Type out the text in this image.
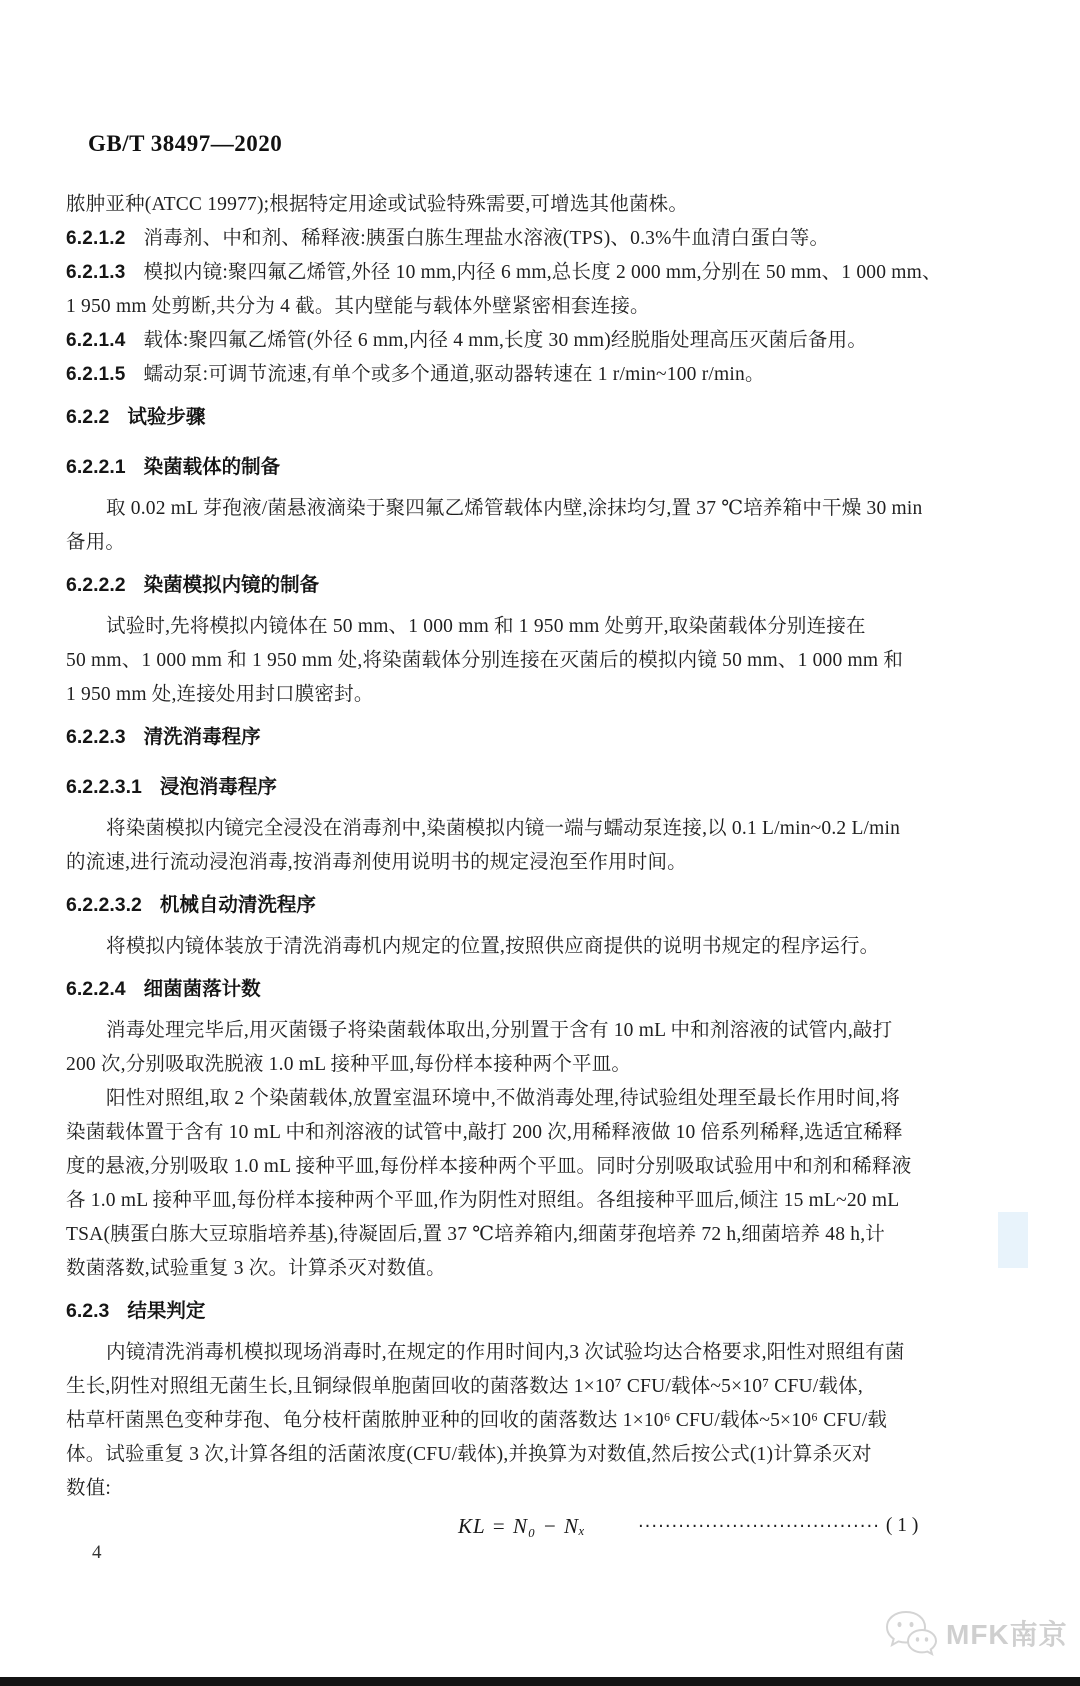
GB/T 38497—2020
脓肿亚种(ATCC 19977);根据特定用途或试验特殊需要,可增选其他菌株。
6.2.1.2 消毒剂、中和剂、稀释液:胰蛋白胨生理盐水溶液(TPS)、0.3%牛血清白蛋白等。
6.2.1.3 模拟内镜:聚四氟乙烯管,外径 10 mm,内径 6 mm,总长度 2 000 mm,分别在 50 mm、1 000 mm、
1 950 mm 处剪断,共分为 4 截。其内壁能与载体外壁紧密相套连接。
6.2.1.4 载体:聚四氟乙烯管(外径 6 mm,内径 4 mm,长度 30 mm)经脱脂处理高压灭菌后备用。
6.2.1.5 蠕动泵:可调节流速,有单个或多个通道,驱动器转速在 1 r/min~100 r/min。
6.2.2 试验步骤
6.2.2.1 染菌载体的制备
取 0.02 mL 芽孢液/菌悬液滴染于聚四氟乙烯管载体内壁,涂抹均匀,置 37 ℃培养箱中干燥 30 min
备用。
6.2.2.2 染菌模拟内镜的制备
试验时,先将模拟内镜体在 50 mm、1 000 mm 和 1 950 mm 处剪开,取染菌载体分别连接在
50 mm、1 000 mm 和 1 950 mm 处,将染菌载体分别连接在灭菌后的模拟内镜 50 mm、1 000 mm 和
1 950 mm 处,连接处用封口膜密封。
6.2.2.3 清洗消毒程序
6.2.2.3.1 浸泡消毒程序
将染菌模拟内镜完全浸没在消毒剂中,染菌模拟内镜一端与蠕动泵连接,以 0.1 L/min~0.2 L/min
的流速,进行流动浸泡消毒,按消毒剂使用说明书的规定浸泡至作用时间。
6.2.2.3.2 机械自动清洗程序
将模拟内镜体装放于清洗消毒机内规定的位置,按照供应商提供的说明书规定的程序运行。
6.2.2.4 细菌菌落计数
消毒处理完毕后,用灭菌镊子将染菌载体取出,分别置于含有 10 mL 中和剂溶液的试管内,敲打
200 次,分别吸取洗脱液 1.0 mL 接种平皿,每份样本接种两个平皿。
阳性对照组,取 2 个染菌载体,放置室温环境中,不做消毒处理,待试验组处理至最长作用时间,将
染菌载体置于含有 10 mL 中和剂溶液的试管中,敲打 200 次,用稀释液做 10 倍系列稀释,选适宜稀释
度的悬液,分别吸取 1.0 mL 接种平皿,每份样本接种两个平皿。同时分别吸取试验用中和剂和稀释液
各 1.0 mL 接种平皿,每份样本接种两个平皿,作为阴性对照组。各组接种平皿后,倾注 15 mL~20 mL
TSA(胰蛋白胨大豆琼脂培养基),待凝固后,置 37 ℃培养箱内,细菌芽孢培养 72 h,细菌培养 48 h,计
数菌落数,试验重复 3 次。计算杀灭对数值。
6.2.3 结果判定
内镜清洗消毒机模拟现场消毒时,在规定的作用时间内,3 次试验均达合格要求,阳性对照组有菌
生长,阴性对照组无菌生长,且铜绿假单胞菌回收的菌落数达 1×10⁷ CFU/载体~5×10⁷ CFU/载体,
枯草杆菌黑色变种芽孢、龟分枝杆菌脓肿亚种的回收的菌落数达 1×10⁶ CFU/载体~5×10⁶ CFU/载
体。试验重复 3 次,计算各组的活菌浓度(CFU/载体),并换算为对数值,然后按公式(1)计算杀灭对
数值:
KL = N₀ − Nₓ	···································· ( 1 )
4
MFK南京
